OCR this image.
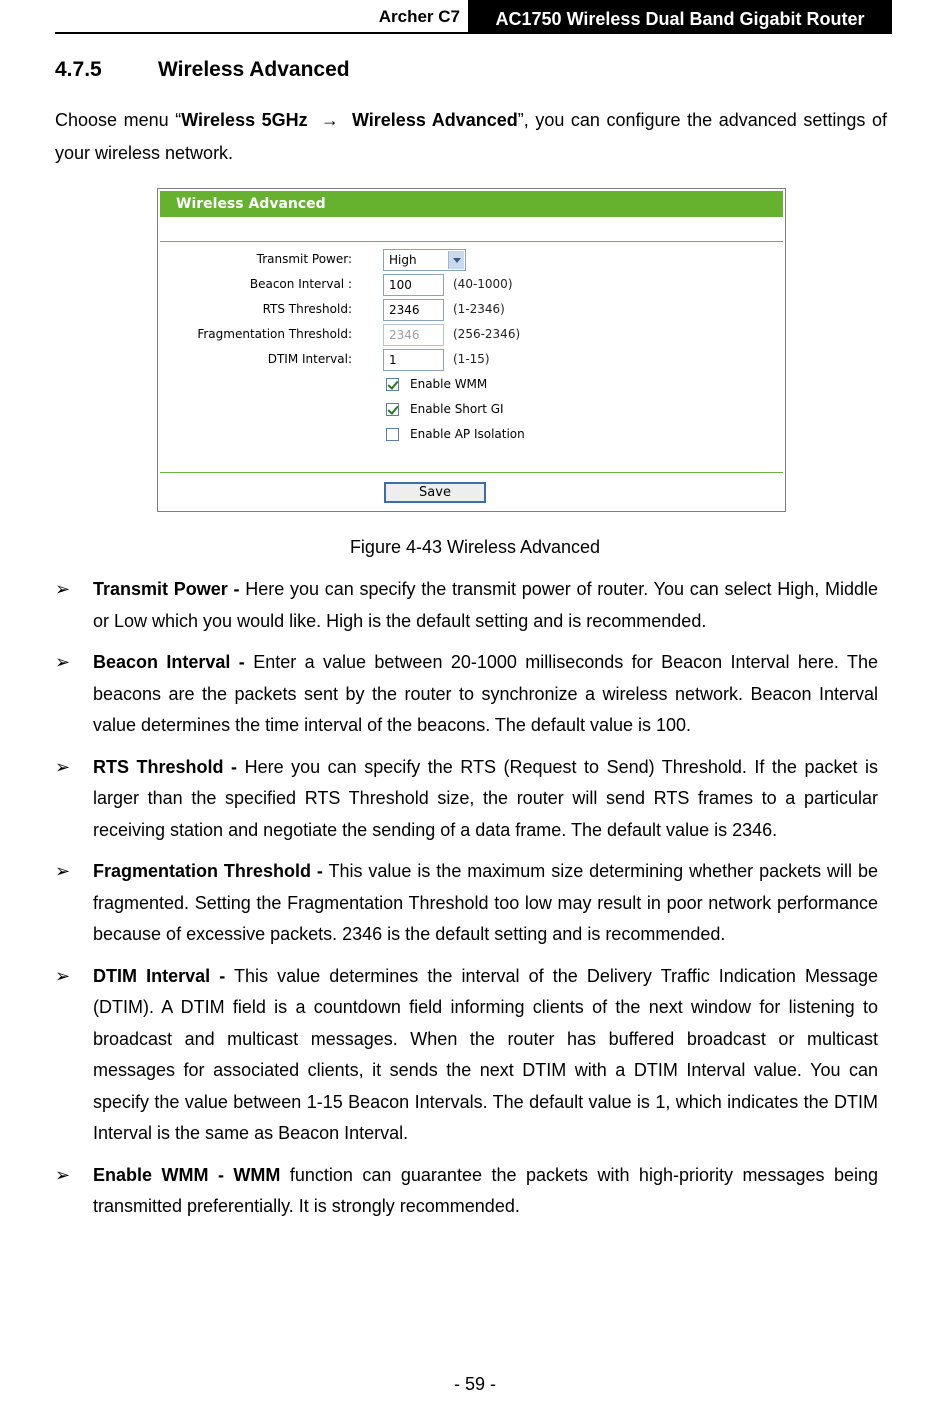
Archer C7	AC1750 Wireless Dual Band Gigabit Router
4.7.5	Wireless Advanced
Choose menu “Wireless 5GHz → Wireless Advanced”, you can configure the advanced settings of your wireless network.
Wireless Advanced
Transmit Power:	High
Beacon Interval :	100	(40-1000)
RTS Threshold:	2346	(1-2346)
Fragmentation Threshold:	2346	(256-2346)
DTIM Interval:	1	(1-15)
Enable WMM
Enable Short GI
Enable AP Isolation
Save
Figure 4-43 Wireless Advanced
➢ Transmit Power - Here you can specify the transmit power of router. You can select High, Middle or Low which you would like. High is the default setting and is recommended.
➢ Beacon Interval - Enter a value between 20-1000 milliseconds for Beacon Interval here. The beacons are the packets sent by the router to synchronize a wireless network. Beacon Interval value determines the time interval of the beacons. The default value is 100.
➢ RTS Threshold - Here you can specify the RTS (Request to Send) Threshold. If the packet is larger than the specified RTS Threshold size, the router will send RTS frames to a particular receiving station and negotiate the sending of a data frame. The default value is 2346.
➢ Fragmentation Threshold - This value is the maximum size determining whether packets will be fragmented. Setting the Fragmentation Threshold too low may result in poor network performance because of excessive packets. 2346 is the default setting and is recommended.
➢ DTIM Interval - This value determines the interval of the Delivery Traffic Indication Message (DTIM). A DTIM field is a countdown field informing clients of the next window for listening to broadcast and multicast messages. When the router has buffered broadcast or multicast messages for associated clients, it sends the next DTIM with a DTIM Interval value. You can specify the value between 1-15 Beacon Intervals. The default value is 1, which indicates the DTIM Interval is the same as Beacon Interval.
➢ Enable WMM - WMM function can guarantee the packets with high-priority messages being transmitted preferentially. It is strongly recommended.
- 59 -
